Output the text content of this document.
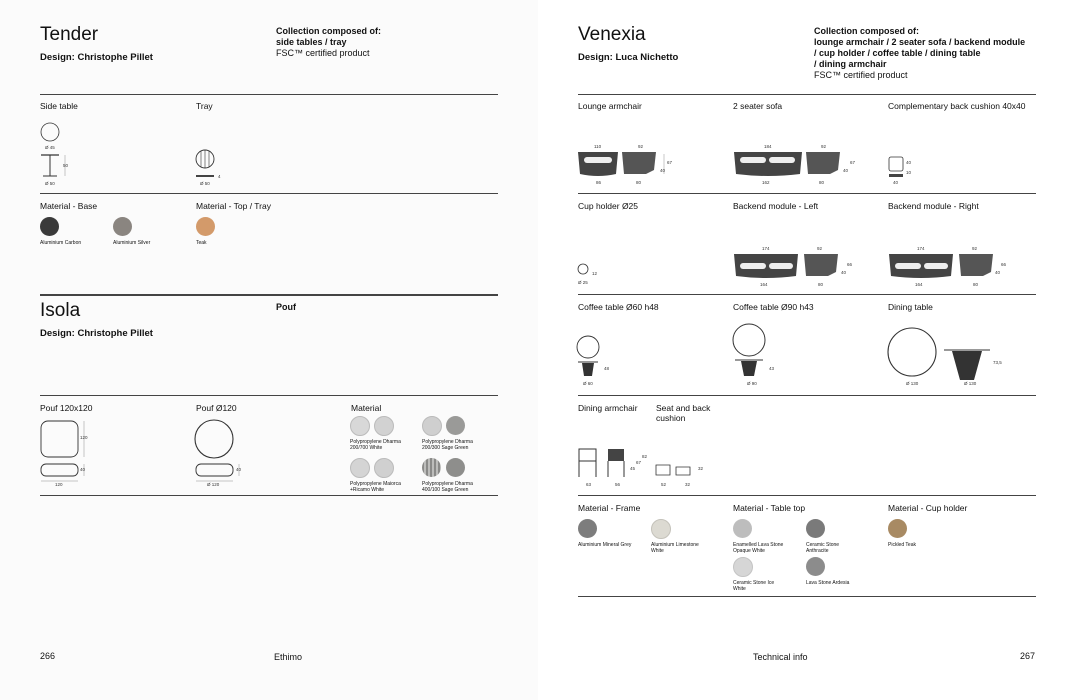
Tender
Design: Christophe Pillet
Collection composed of:
side tables / tray
FSC™ certified product
Side table	Tray
Ø 45
50
Ø 50	Ø 50
4
Material - Base	Material - Top / Tray
Aluminium Carbon	Aluminium Silver	Teak
Isola
Design: Christophe Pillet
Pouf
Pouf 120x120	Pouf Ø120	Material
120
120
40
Ø 120
40
Polypropylene Dharma 200/700 White
Polypropylene Dharma 200/300 Sage Green
Polypropylene Maiorca +Ricamo White
Polypropylene Dharma 400/100 Sage Green
266	Ethimo
Venexia
Design: Luca Nichetto
Collection composed of:
lounge armchair / 2 seater sofa / backend module
/ cup holder / coffee table / dining table
/ dining armchair
FSC™ certified product
Lounge armchair	2 seater sofa	Complementary back cushion 40x40
110	92
86	80
40
67
184	92
162	80
40
67
40
40
10
Cup holder Ø25	Backend module - Left	Backend module - Right
Ø 25
12
174	92
164	80
40
66
174	92
164	80
40
66
Coffee table Ø60 h48	Coffee table Ø90 h43	Dining table
Ø 60
48
Ø 90
43
Ø 130	Ø 130
73,5
Dining armchair Seat and back cushion
63	56
45
67
82
52	32
32
Material - Frame	Material - Table top	Material - Cup holder
Aluminium Mineral Grey	Aluminium Limestone White
Enamelled Lava Stone Opaque White
Ceramic Stone Anthracite
Ceramic Stone Ice White
Lava Stone Ardesia
Pickled Teak
Technical info	267
